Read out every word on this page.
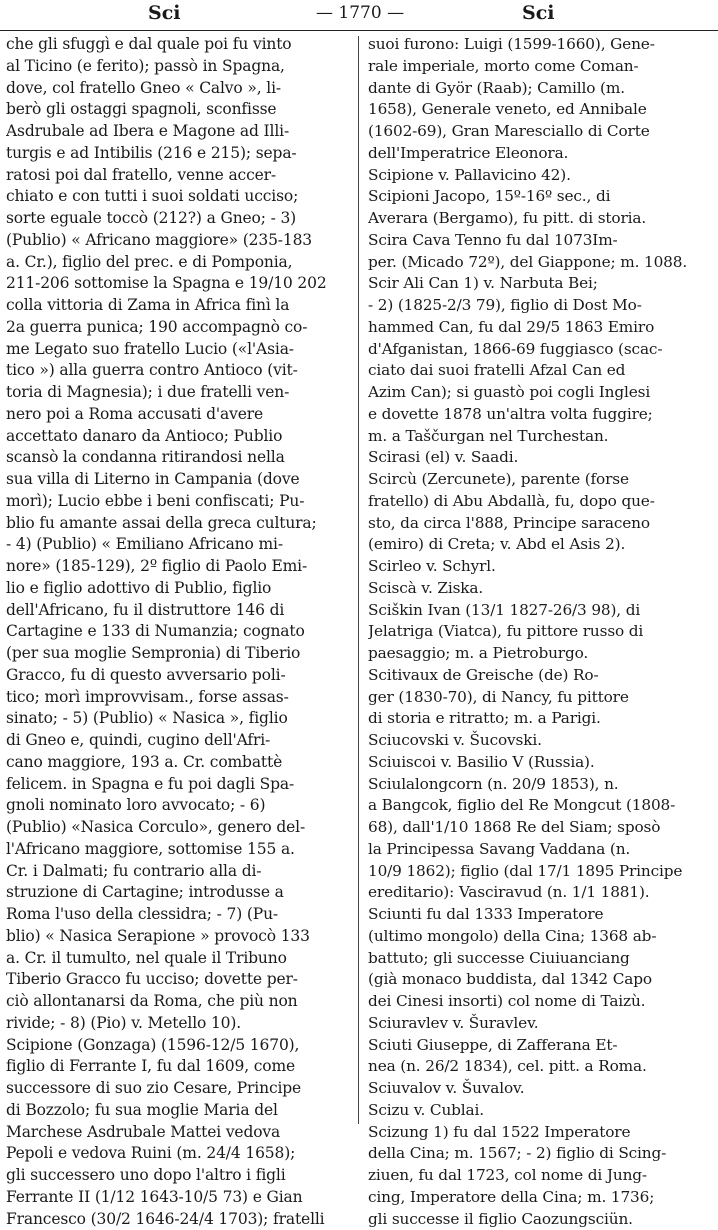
Sci	— 1770 —	Sci
che gli sfuggì e dal quale poi fu vinto
al Ticino (e ferito); passò in Spagna,
dove, col fratello Gneo « Calvo », li-
berò gli ostaggi spagnoli, sconfisse
Asdrubale ad Ibera e Magone ad Illi-
turgis e ad Intibilis (216 e 215); sepa-
ratosi poi dal fratello, venne accer-
chiato e con tutti i suoi soldati ucciso;
sorte eguale toccò (212?) a Gneo; - 3)
(Publio) « Africano maggiore» (235-183
a. Cr.), figlio del prec. e di Pomponia,
211-206 sottomise la Spagna e 19/10 202
colla vittoria di Zama in Africa finì la
2a guerra punica; 190 accompagnò co-
me Legato suo fratello Lucio («l'Asia-
tico ») alla guerra contro Antioco (vit-
toria di Magnesia); i due fratelli ven-
nero poi a Roma accusati d'avere
accettato danaro da Antioco; Publio
scansò la condanna ritirandosi nella
sua villa di Literno in Campania (dove
morì); Lucio ebbe i beni confiscati; Pu-
blio fu amante assai della greca cultura;
- 4) (Publio) « Emiliano Africano mi-
nore» (185-129), 2º figlio di Paolo Emi-
lio e figlio adottivo di Publio, figlio
dell'Africano, fu il distruttore 146 di
Cartagine e 133 di Numanzia; cognato
(per sua moglie Sempronia) di Tiberio
Gracco, fu di questo avversario poli-
tico; morì improvvisam., forse assas-
sinato; - 5) (Publio) « Nasica », figlio
di Gneo e, quindi, cugino dell'Afri-
cano maggiore, 193 a. Cr. combattè
felicem. in Spagna e fu poi dagli Spa-
gnoli nominato loro avvocato; - 6)
(Publio) «Nasica Corculo», genero del-
l'Africano maggiore, sottomise 155 a.
Cr. i Dalmati; fu contrario alla di-
struzione di Cartagine; introdusse a
Roma l'uso della clessidra; - 7) (Pu-
blio) « Nasica Serapione » provocò 133
a. Cr. il tumulto, nel quale il Tribuno
Tiberio Gracco fu ucciso; dovette per-
ciò allontanarsi da Roma, che più non
rivide; - 8) (Pio) v. Metello 10).
Scipione (Gonzaga) (1596-12/5 1670),
figlio di Ferrante I, fu dal 1609, come
successore di suo zio Cesare, Principe
di Bozzolo; fu sua moglie Maria del
Marchese Asdrubale Mattei vedova
Pepoli e vedova Ruini (m. 24/4 1658);
gli successero uno dopo l'altro i figli
Ferrante II (1/12 1643-10/5 73) e Gian
Francesco (30/2 1646-24/4 1703); fratelli
suoi furono: Luigi (1599-1660), Gene-
rale imperiale, morto come Coman-
dante di Györ (Raab); Camillo (m.
1658), Generale veneto, ed Annibale
(1602-69), Gran Maresciallo di Corte
dell'Imperatrice Eleonora.
Scipione v. Pallavicino 42).
Scipioni Jacopo, 15º-16º sec., di
Averara (Bergamo), fu pitt. di storia.
Scira Cava Tenno fu dal 1073Im-
per. (Micado 72º), del Giappone; m. 1088.
Scir Ali Can 1) v. Narbuta Bei;
- 2) (1825-2/3 79), figlio di Dost Mo-
hammed Can, fu dal 29/5 1863 Emiro
d'Afganistan, 1866-69 fuggiasco (scac-
ciato dai suoi fratelli Afzal Can ed
Azim Can); si guastò poi cogli Inglesi
e dovette 1878 un'altra volta fuggire;
m. a Taščurgan nel Turchestan.
Scirasi (el) v. Saadi.
Scircù (Zercunete), parente (forse
fratello) di Abu Abdallà, fu, dopo que-
sto, da circa l'888, Principe saraceno
(emiro) di Creta; v. Abd el Asis 2).
Scirleo v. Schyrl.
Sciscà v. Ziska.
Sciškin Ivan (13/1 1827-26/3 98), di
Jelatriga (Viatca), fu pittore russo di
paesaggio; m. a Pietroburgo.
Scitivaux de Greische (de) Ro-
ger (1830-70), di Nancy, fu pittore
di storia e ritratto; m. a Parigi.
Sciucovski v. Šucovski.
Sciuiscoi v. Basilio V (Russia).
Sciulalongcorn (n. 20/9 1853), n.
a Bangcok, figlio del Re Mongcut (1808-
68), dall'1/10 1868 Re del Siam; sposò
la Principessa Savang Vaddana (n.
10/9 1862); figlio (dal 17/1 1895 Principe
ereditario): Vasciravud (n. 1/1 1881).
Sciunti fu dal 1333 Imperatore
(ultimo mongolo) della Cina; 1368 ab-
battuto; gli successe Ciuiuanciang
(già monaco buddista, dal 1342 Capo
dei Cinesi insorti) col nome di Taizù.
Sciuravlev v. Šuravlev.
Sciuti Giuseppe, di Zafferana Et-
nea (n. 26/2 1834), cel. pitt. a Roma.
Sciuvalov v. Šuvalov.
Scizu v. Cublai.
Scizung 1) fu dal 1522 Imperatore
della Cina; m. 1567; - 2) figlio di Scing-
ziuen, fu dal 1723, col nome di Jung-
cing, Imperatore della Cina; m. 1736;
gli successe il figlio Caozungsciün.
